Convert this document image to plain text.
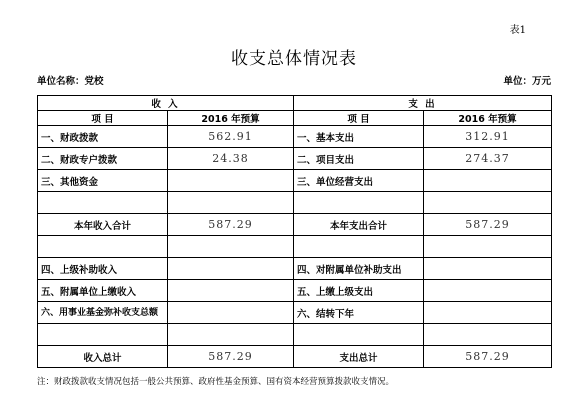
表1
收支总体情况表
单位名称：党校	单位：万元
收 入		支 出	
项 目	2016 年预算	项 目	2016 年预算
一、财政拨款	562.91	一、基本支出	312.91
二、财政专户拨款	24.38	二、项目支出	274.37
三、其他资金		三、单位经营支出	

本年收入合计	587.29	本年支出合计	587.29

四、上级补助收入		四、对附属单位补助支出	
五、附属单位上缴收入		五、上缴上级支出	
六、用事业基金弥补收支总额		六、结转下年	

收入总计	587.29	支出总计	587.29
注：财政拨款收支情况包括一般公共预算、政府性基金预算、国有资本经营预算拨款收支情况。
